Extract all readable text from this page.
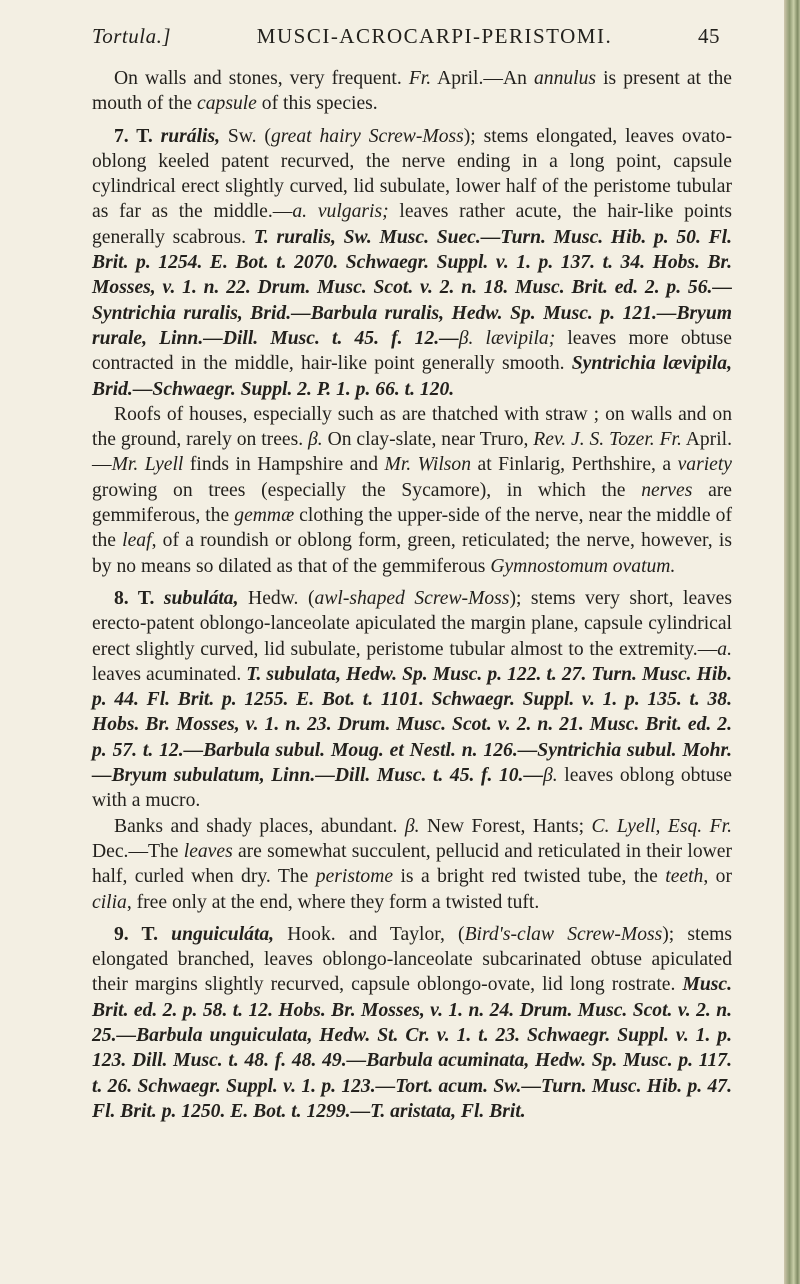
Tortula.]	MUSCI-ACROCARPI-PERISTOMI.	45

On walls and stones, very frequent. Fr. April.—An annulus is present at the mouth of the capsule of this species.

7. T. rurális, Sw. (great hairy Screw-Moss); stems elongated, leaves ovato-oblong keeled patent recurved, the nerve ending in a long point, capsule cylindrical erect slightly curved, lid subulate, lower half of the peristome tubular as far as the middle.—a. vulgaris; leaves rather acute, the hair-like points generally scabrous. T. ruralis, Sw. Musc. Suec.—Turn. Musc. Hib. p. 50. Fl. Brit. p. 1254. E. Bot. t. 2070. Schwaegr. Suppl. v. 1. p. 137. t. 34. Hobs. Br. Mosses, v. 1. n. 22. Drum. Musc. Scot. v. 2. n. 18. Musc. Brit. ed. 2. p. 56.—Syntrichia ruralis, Brid.—Barbula ruralis, Hedw. Sp. Musc. p. 121.—Bryum rurale, Linn.—Dill. Musc. t. 45. f. 12.—β. lævipila; leaves more obtuse contracted in the middle, hair-like point generally smooth. Syntrichia lævipila, Brid.—Schwaegr. Suppl. 2. P. 1. p. 66. t. 120.

Roofs of houses, especially such as are thatched with straw ; on walls and on the ground, rarely on trees. β. On clay-slate, near Truro, Rev. J. S. Tozer. Fr. April.—Mr. Lyell finds in Hampshire and Mr. Wilson at Finlarig, Perthshire, a variety growing on trees (especially the Sycamore), in which the nerves are gemmiferous, the gemmæ clothing the upper-side of the nerve, near the middle of the leaf, of a roundish or oblong form, green, reticulated; the nerve, however, is by no means so dilated as that of the gemmiferous Gymnostomum ovatum.

8. T. subuláta, Hedw. (awl-shaped Screw-Moss); stems very short, leaves erecto-patent oblongo-lanceolate apiculated the margin plane, capsule cylindrical erect slightly curved, lid subulate, peristome tubular almost to the extremity.—a. leaves acuminated. T. subulata, Hedw. Sp. Musc. p. 122. t. 27. Turn. Musc. Hib. p. 44. Fl. Brit. p. 1255. E. Bot. t. 1101. Schwaegr. Suppl. v. 1. p. 135. t. 38. Hobs. Br. Mosses, v. 1. n. 23. Drum. Musc. Scot. v. 2. n. 21. Musc. Brit. ed. 2. p. 57. t. 12.—Barbula subul. Moug. et Nestl. n. 126.—Syntrichia subul. Mohr.—Bryum subulatum, Linn.—Dill. Musc. t. 45. f. 10.—β. leaves oblong obtuse with a mucro.

Banks and shady places, abundant. β. New Forest, Hants; C. Lyell, Esq. Fr. Dec.—The leaves are somewhat succulent, pellucid and reticulated in their lower half, curled when dry. The peristome is a bright red twisted tube, the teeth, or cilia, free only at the end, where they form a twisted tuft.

9. T. unguiculáta, Hook. and Taylor, (Bird's-claw Screw-Moss); stems elongated branched, leaves oblongo-lanceolate subcarinated obtuse apiculated their margins slightly recurved, capsule oblongo-ovate, lid long rostrate. Musc. Brit. ed. 2. p. 58. t. 12. Hobs. Br. Mosses, v. 1. n. 24. Drum. Musc. Scot. v. 2. n. 25.—Barbula unguiculata, Hedw. St. Cr. v. 1. t. 23. Schwaegr. Suppl. v. 1. p. 123. Dill. Musc. t. 48. f. 48. 49.—Barbula acuminata, Hedw. Sp. Musc. p. 117. t. 26. Schwaegr. Suppl. v. 1. p. 123.—Tort. acum. Sw.—Turn. Musc. Hib. p. 47. Fl. Brit. p. 1250. E. Bot. t. 1299.—T. aristata, Fl. Brit.
